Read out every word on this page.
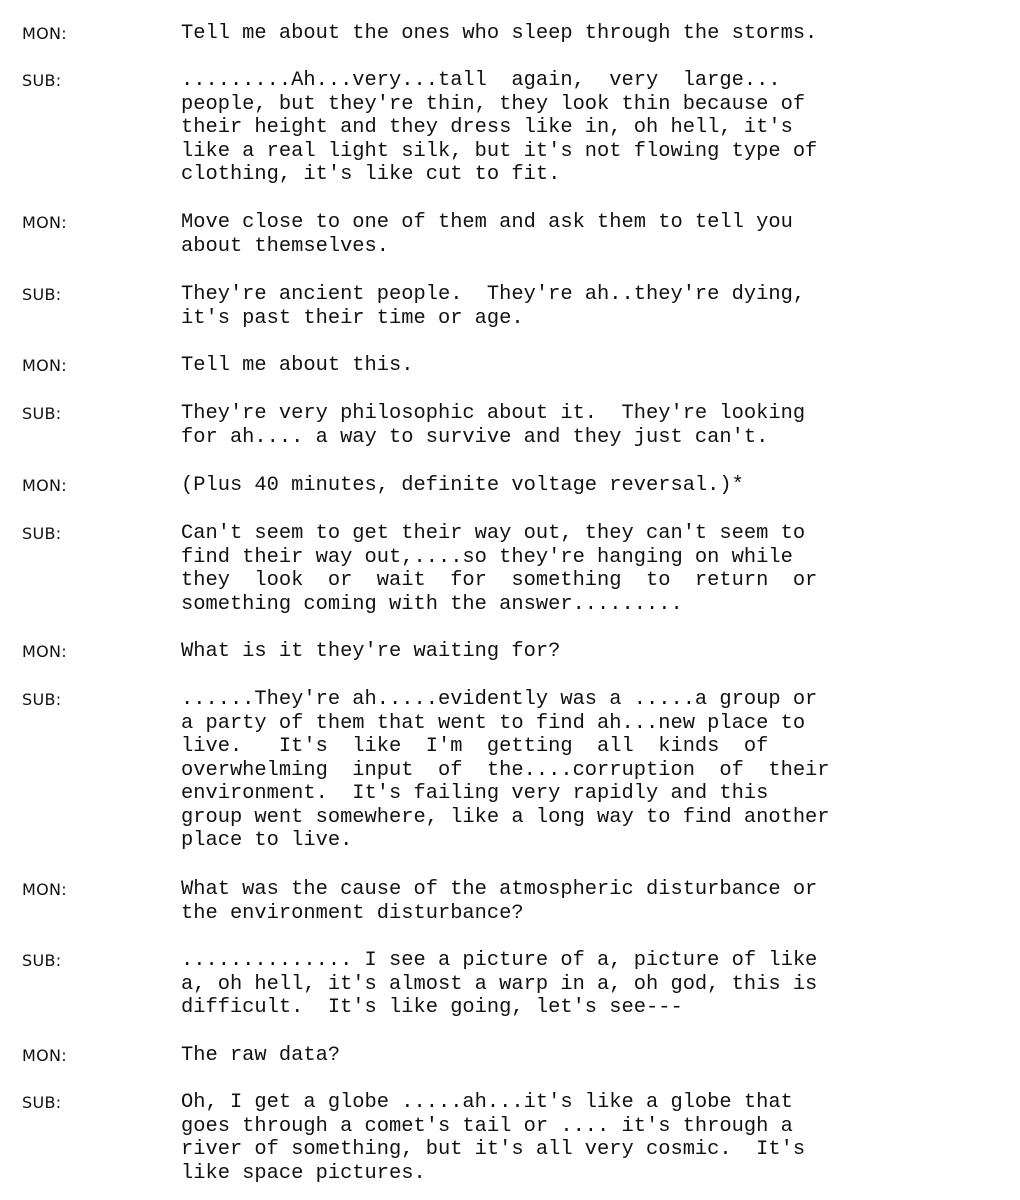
MON:	Tell me about the ones who sleep through the storms.
SUB:	.........Ah...very...tall  again,  very  large...
people, but they're thin, they look thin because of
their height and they dress like in, oh hell, it's
like a real light silk, but it's not flowing type of
clothing, it's like cut to fit.
MON:	Move close to one of them and ask them to tell you
about themselves.
SUB:	They're ancient people.  They're ah..they're dying,
it's past their time or age.
MON:	Tell me about this.
SUB:	They're very philosophic about it.  They're looking
for ah.... a way to survive and they just can't.
MON:	(Plus 40 minutes, definite voltage reversal.)*
SUB:	Can't seem to get their way out, they can't seem to
find their way out,....so they're hanging on while
they  look  or  wait  for  something  to  return  or
something coming with the answer.........
MON:	What is it they're waiting for?
SUB:	......They're ah.....evidently was a .....a group or
a party of them that went to find ah...new place to
live.   It's  like  I'm  getting  all  kinds  of
overwhelming  input  of  the....corruption  of  their
environment.  It's failing very rapidly and this
group went somewhere, like a long way to find another
place to live.
MON:	What was the cause of the atmospheric disturbance or
the environment disturbance?
SUB:	.............. I see a picture of a, picture of like
a, oh hell, it's almost a warp in a, oh god, this is
difficult.  It's like going, let's see---
MON:	The raw data?
SUB:	Oh, I get a globe .....ah...it's like a globe that
goes through a comet's tail or .... it's through a
river of something, but it's all very cosmic.  It's
like space pictures.
